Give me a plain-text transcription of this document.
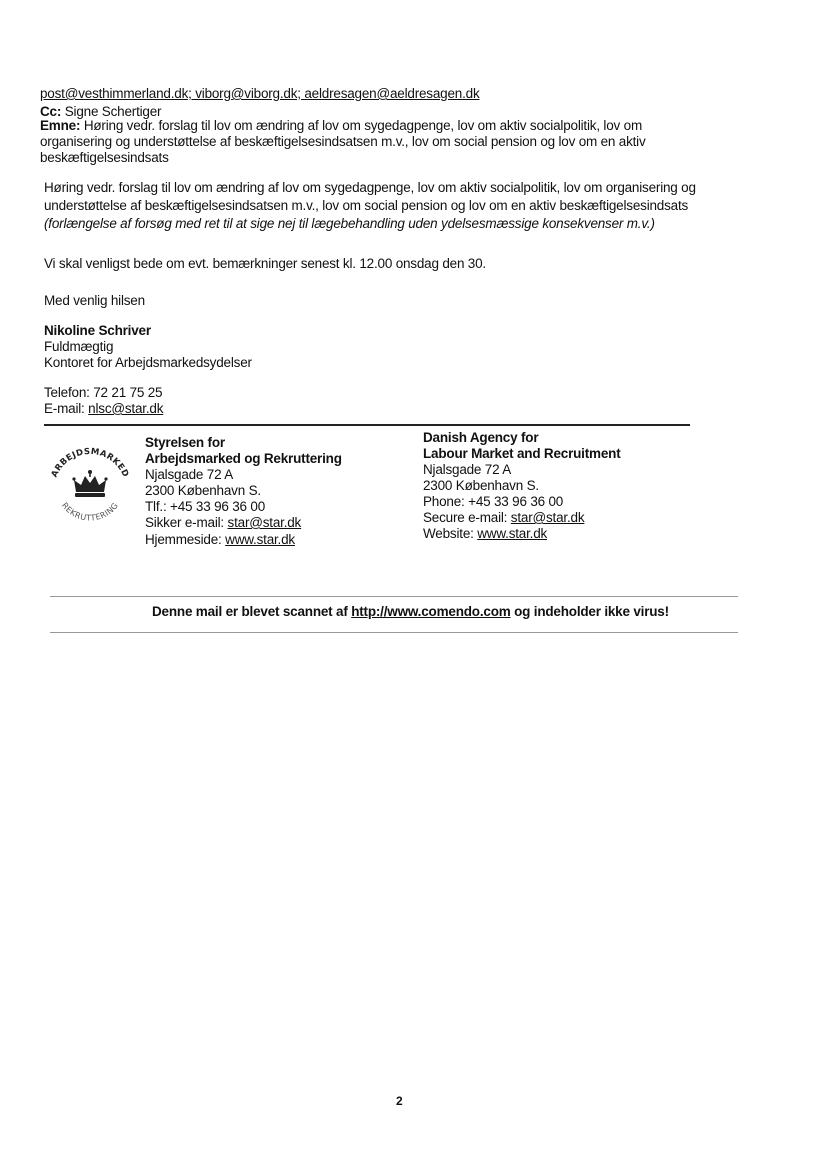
post@vesthimmerland.dk; viborg@viborg.dk; aeldresagen@aeldresagen.dk
Cc: Signe Schertiger
Emne: Høring vedr. forslag til lov om ændring af lov om sygedagpenge, lov om aktiv socialpolitik, lov om
organisering og understøttelse af beskæftigelsesindsatsen m.v., lov om social pension og lov om en aktiv
beskæftigelsesindsats
Høring vedr. forslag til lov om ændring af lov om sygedagpenge, lov om aktiv socialpolitik, lov om organisering og
understøttelse af beskæftigelsesindsatsen m.v., lov om social pension og lov om en aktiv beskæftigelsesindsats
(forlængelse af forsøg med ret til at sige nej til lægebehandling uden ydelsesmæssige konsekvenser m.v.)
Vi skal venligst bede om evt. bemærkninger senest kl. 12.00 onsdag den 30.
Med venlig hilsen
Nikoline Schriver
Fuldmægtig
Kontoret for Arbejdsmarkedsydelser
Telefon: 72 21 75 25
E-mail: nlsc@star.dk
ARBEJDSMARKED
REKRUTTERING
Styrelsen for
Arbejdsmarked og Rekruttering
Njalsgade 72 A
2300 København S.
Tlf.: +45 33 96 36 00
Sikker e-mail: star@star.dk
Hjemmeside: www.star.dk
Danish Agency for
Labour Market and Recruitment
Njalsgade 72 A
2300 København S.
Phone: +45 33 96 36 00
Secure e-mail: star@star.dk
Website: www.star.dk
Denne mail er blevet scannet af http://www.comendo.com og indeholder ikke virus!
2
